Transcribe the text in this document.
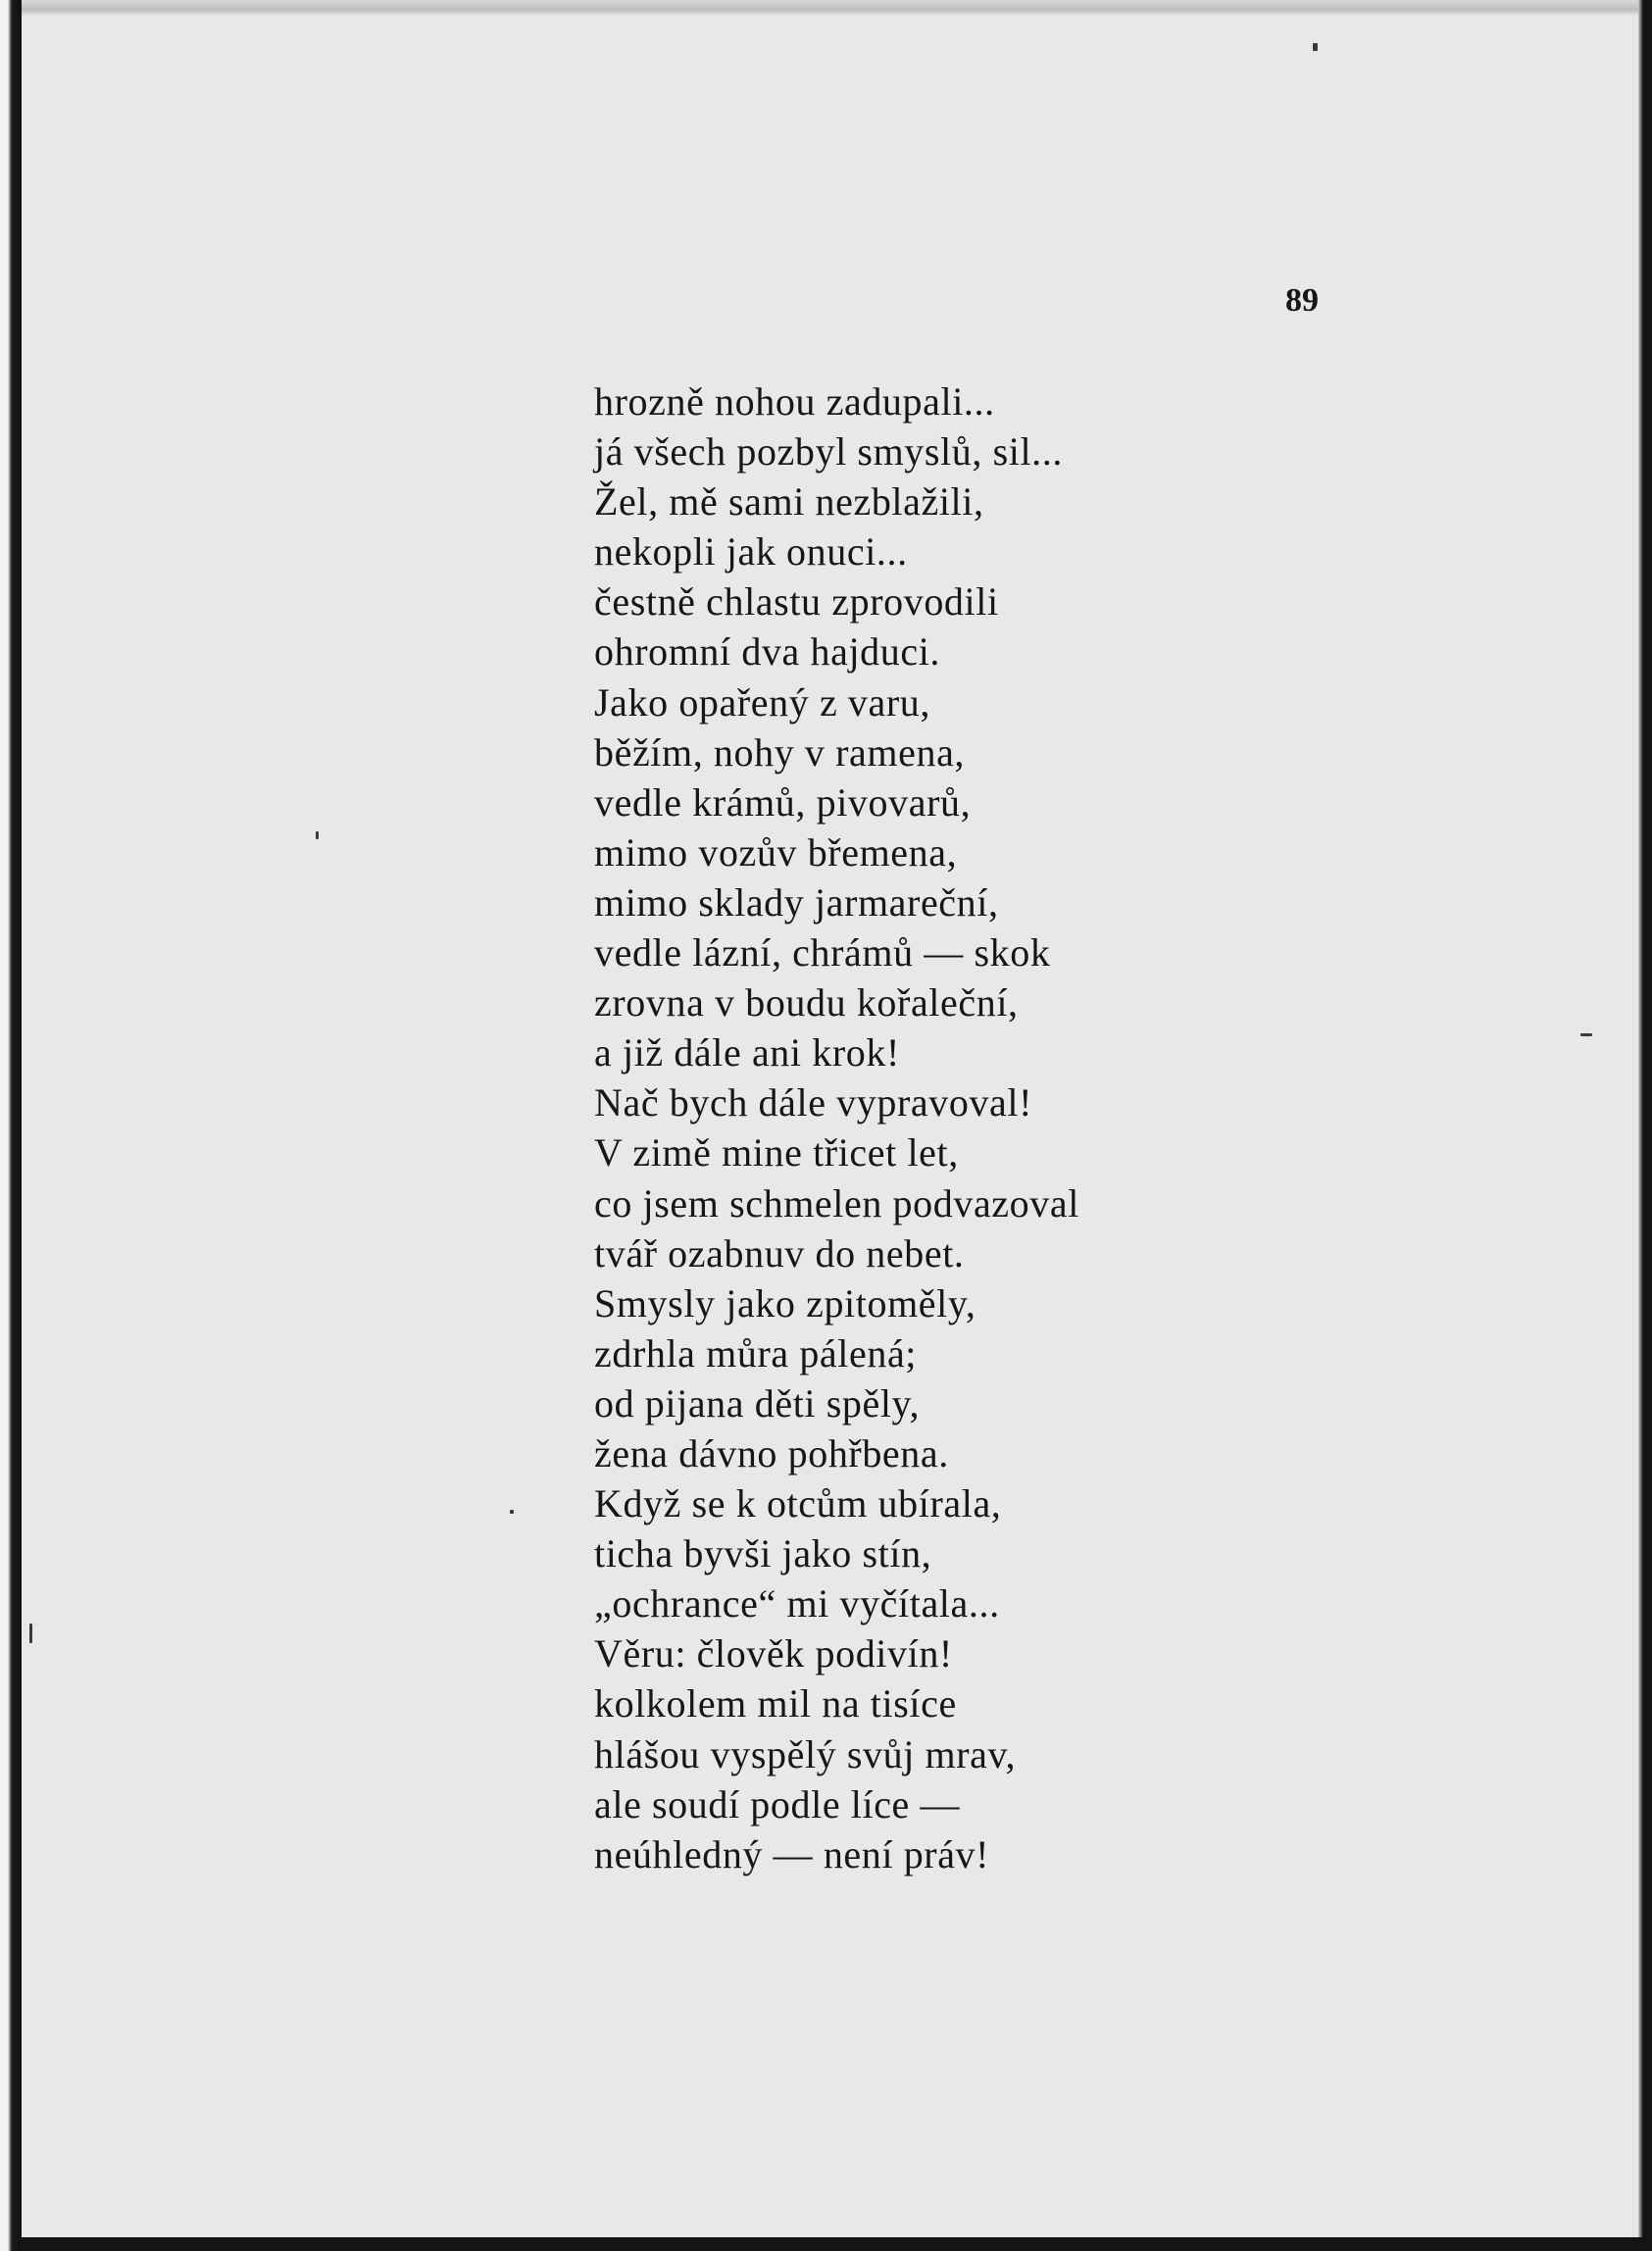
89
hrozně nohou zadupali...
já všech pozbyl smyslů, sil...
Žel, mě sami nezblažili,
nekopli jak onuci...
čestně chlastu zprovodili
ohromní dva hajduci.
Jako opařený z varu,
běžím, nohy v ramena,
vedle krámů, pivovarů,
mimo vozův břemena,
mimo sklady jarmareční,
vedle lázní, chrámů — skok
zrovna v boudu kořaleční,
a již dále ani krok!
Nač bych dále vypravoval!
V zimě mine třicet let,
co jsem schmelen podvazoval
tvář ozabnuv do nebet.
Smysly jako zpitoměly,
zdrhla můra pálená;
od pijana děti spěly,
žena dávno pohřbena.
Když se k otcům ubírala,
ticha byvši jako stín,
„ochrance“ mi vyčítala...
Věru: člověk podivín!
kolkolem mil na tisíce
hlášou vyspělý svůj mrav,
ale soudí podle líce —
neúhledný — není práv!
